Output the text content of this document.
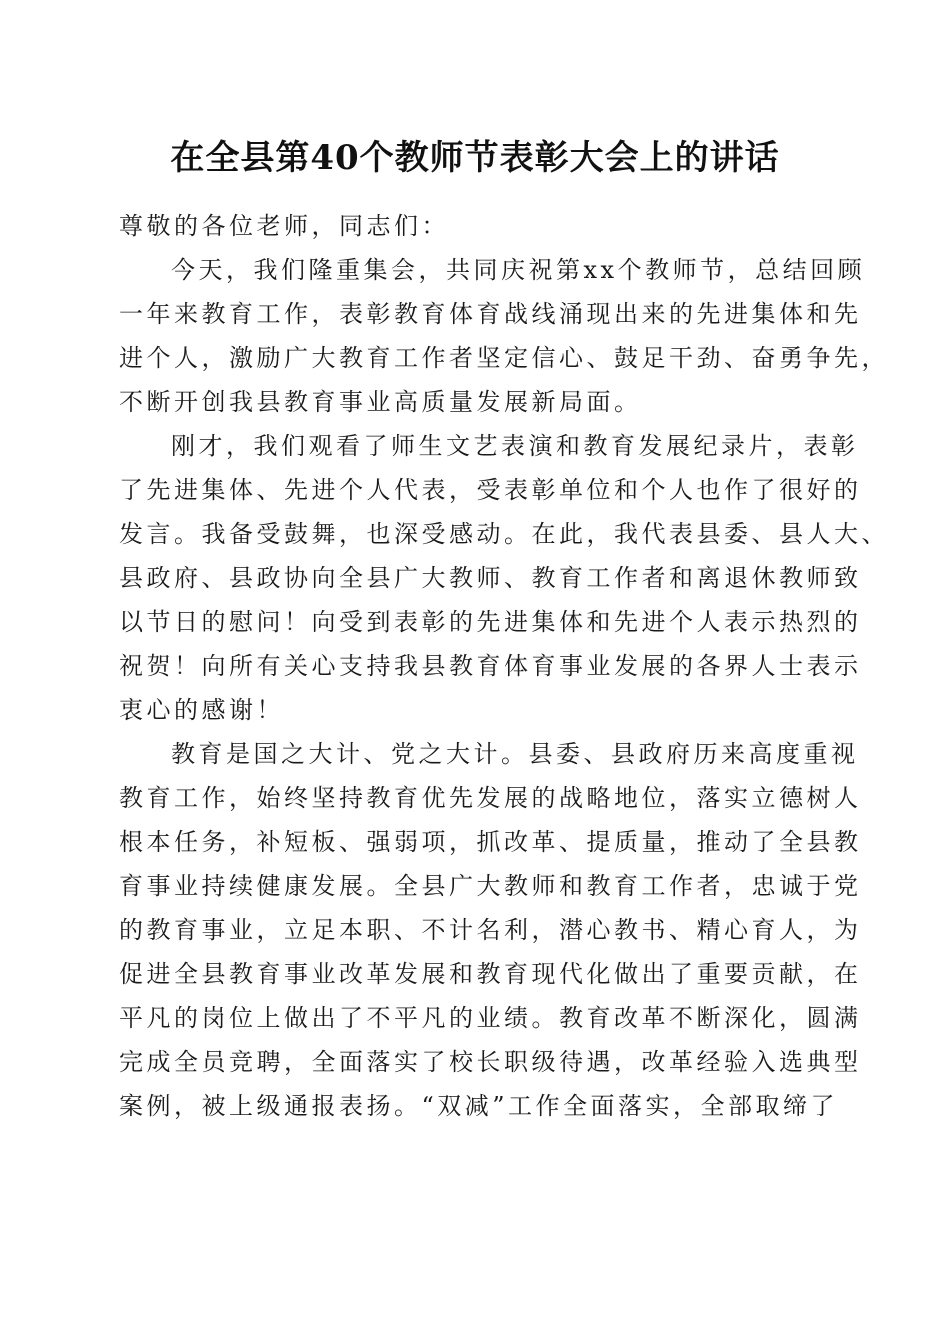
在全县第40个教师节表彰大会上的讲话
尊敬的各位老师，同志们：
今天，我们隆重集会，共同庆祝第xx个教师节，总结回顾
一年来教育工作，表彰教育体育战线涌现出来的先进集体和先
进个人，激励广大教育工作者坚定信心、鼓足干劲、奋勇争先，
不断开创我县教育事业高质量发展新局面。
刚才，我们观看了师生文艺表演和教育发展纪录片，表彰
了先进集体、先进个人代表，受表彰单位和个人也作了很好的
发言。我备受鼓舞，也深受感动。在此，我代表县委、县人大、
县政府、县政协向全县广大教师、教育工作者和离退休教师致
以节日的慰问！向受到表彰的先进集体和先进个人表示热烈的
祝贺！向所有关心支持我县教育体育事业发展的各界人士表示
衷心的感谢！
教育是国之大计、党之大计。县委、县政府历来高度重视
教育工作，始终坚持教育优先发展的战略地位，落实立德树人
根本任务，补短板、强弱项，抓改革、提质量，推动了全县教
育事业持续健康发展。全县广大教师和教育工作者，忠诚于党
的教育事业，立足本职、不计名利，潜心教书、精心育人，为
促进全县教育事业改革发展和教育现代化做出了重要贡献，在
平凡的岗位上做出了不平凡的业绩。教育改革不断深化，圆满
完成全员竞聘，全面落实了校长职级待遇，改革经验入选典型
案例，被上级通报表扬。“双减”工作全面落实，全部取缔了
